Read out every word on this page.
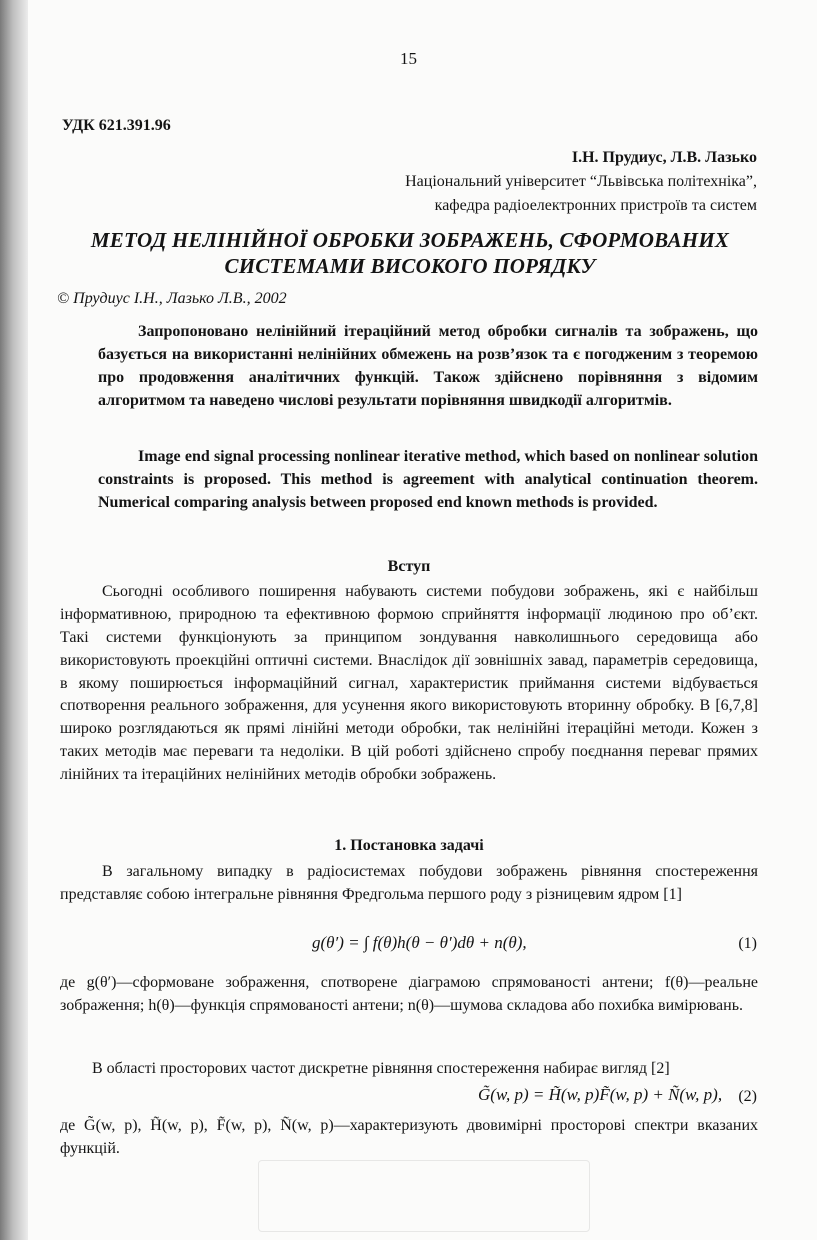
15
УДК 621.391.96
І.Н. Прудиус, Л.В. Лазько
Національний університет “Львівська політехніка”,
кафедра радіоелектронних пристроїв та систем
МЕТОД НЕЛІНІЙНОЇ ОБРОБКИ ЗОБРАЖЕНЬ, СФОРМОВАНИХ СИСТЕМАМИ ВИСОКОГО ПОРЯДКУ
© Прудиус І.Н., Лазько Л.В., 2002
Запропоновано нелінійний ітераційний метод обробки сигналів та зображень, що базується на використанні нелінійних обмежень на розв’язок та є погодженим з теоремою про продовження аналітичних функцій. Також здійснено порівняння з відомим алгоритмом та наведено числові результати порівняння швидкодії алгоритмів.
Image end signal processing nonlinear iterative method, which based on nonlinear solution constraints is proposed. This method is agreement with analytical continuation theorem. Numerical comparing analysis between proposed end known methods is provided.
Вступ
Сьогодні особливого поширення набувають системи побудови зображень, які є найбільш інформативною, природною та ефективною формою сприйняття інформації людиною про об’єкт. Такі системи функціонують за принципом зондування навколишнього середовища або використовують проекційні оптичні системи. Внаслідок дії зовнішніх завад, параметрів середовища, в якому поширюється інформаційний сигнал, характеристик приймання системи відбувається спотворення реального зображення, для усунення якого використовують вторинну обробку. В [6,7,8] широко розглядаються як прямі лінійні методи обробки, так нелінійні ітераційні методи. Кожен з таких методів має переваги та недоліки. В цій роботі здійснено спробу поєднання переваг прямих лінійних та ітераційних нелінійних методів обробки зображень.
1. Постановка задачі
В загальному випадку в радіосистемах побудови зображень рівняння спостереження представляє собою інтегральне рівняння Фредгольма першого роду з різницевим ядром [1]
g(θ′) = ∫ f(θ)h(θ − θ′)dθ + n(θ),	(1)
де g(θ′)—сформоване зображення, спотворене діаграмою спрямованості антени; f(θ)—реальне зображення; h(θ)—функція спрямованості антени; n(θ)—шумова складова або похибка вимірювань.
В області просторових частот дискретне рівняння спостереження набирає вигляд [2]
G̃(w, p) = H̃(w, p)F̃(w, p) + Ñ(w, p), (2)
де G̃(w, p), H̃(w, p), F̃(w, p), Ñ(w, p)—характеризують двовимірні просторові спектри вказаних функцій.
